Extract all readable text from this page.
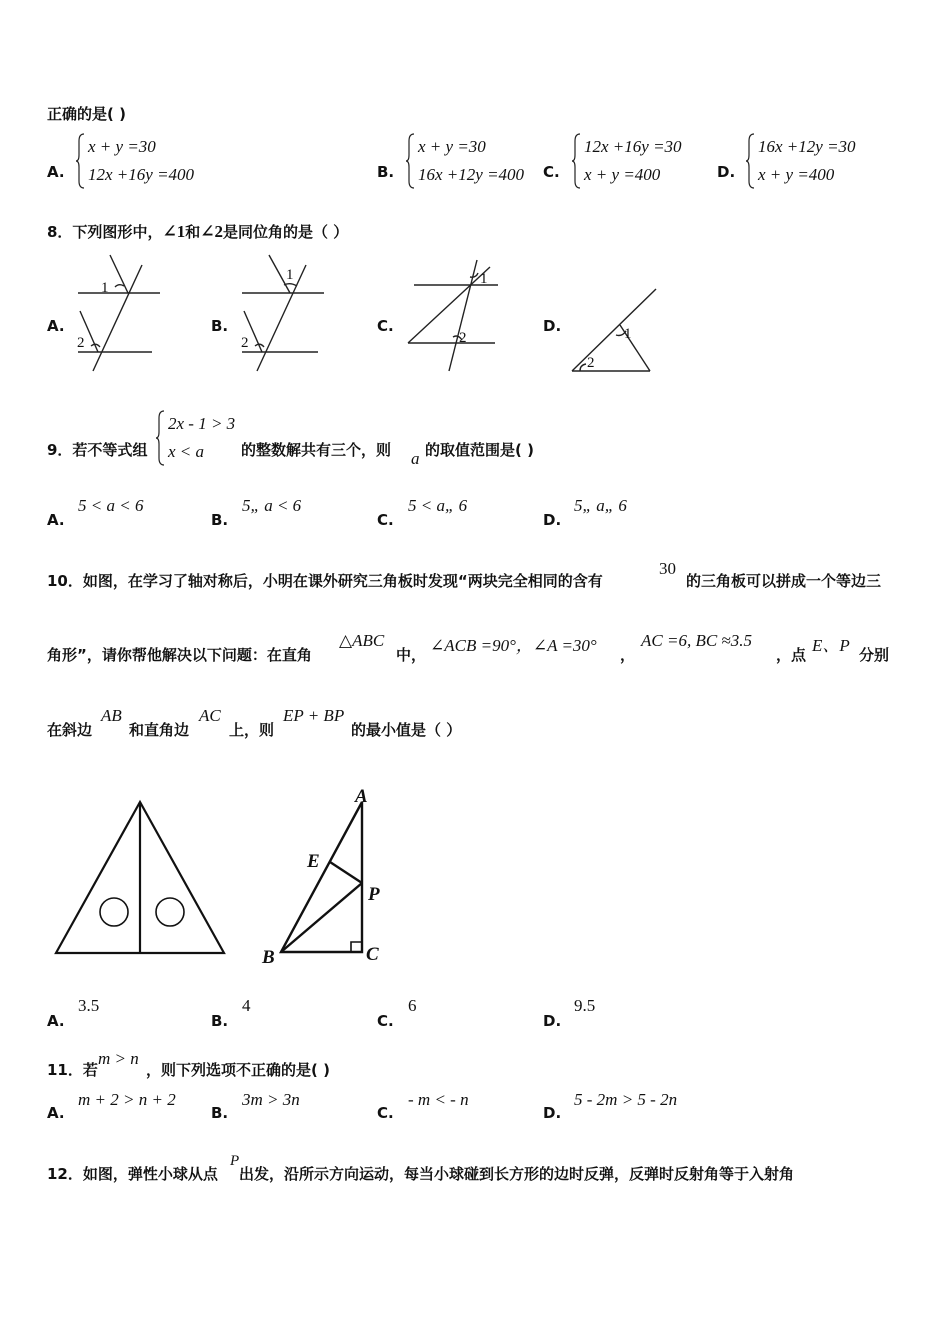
正确的是( )
A.
x + y =30
12x +16y =400	B.
x + y =30
16x +12y =400 C.
12x +16y =30
x + y =400	D.
16x +12y =30
x + y =400
8．下列图形中，∠1和∠2是同位角的是（ ）
A.	B.	C.	D.
1
2
1
2
1
2	1
2
9．若不等式组
2x - 1 > 3
x < a	的整数解共有三个，则 a 的取值范围是( )
A.
5 < a < 6
B.
5„ a < 6
C.
5 < a„ 6
D.
5„ a„ 6
10．如图，在学习了轴对称后，小明在课外研究三角板时发现“两块完全相同的含有
30
的三角板可以拼成一个等边三
角形”，请你帮他解决以下问题：在直角
△ABC
中， ∠ACB =90°，∠A =30° ，
AC =6, BC ≈3.5
，点 E、P 分别
在斜边
AB
和直角边
AC
上，则
EP + BP
的最小值是（ ）
A
E
P
B	C
A.
3.5
B.
4
C.
6
D.
9.5
11．若
m > n
，则下列选项不正确的是( )
A.
m + 2 > n + 2
B.
3m > 3n
C.
- m < - n
D.
5 - 2m > 5 - 2n
12．如图，弹性小球从点
P
出发，沿所示方向运动，每当小球碰到长方形的边时反弹，反弹时反射角等于入射角
